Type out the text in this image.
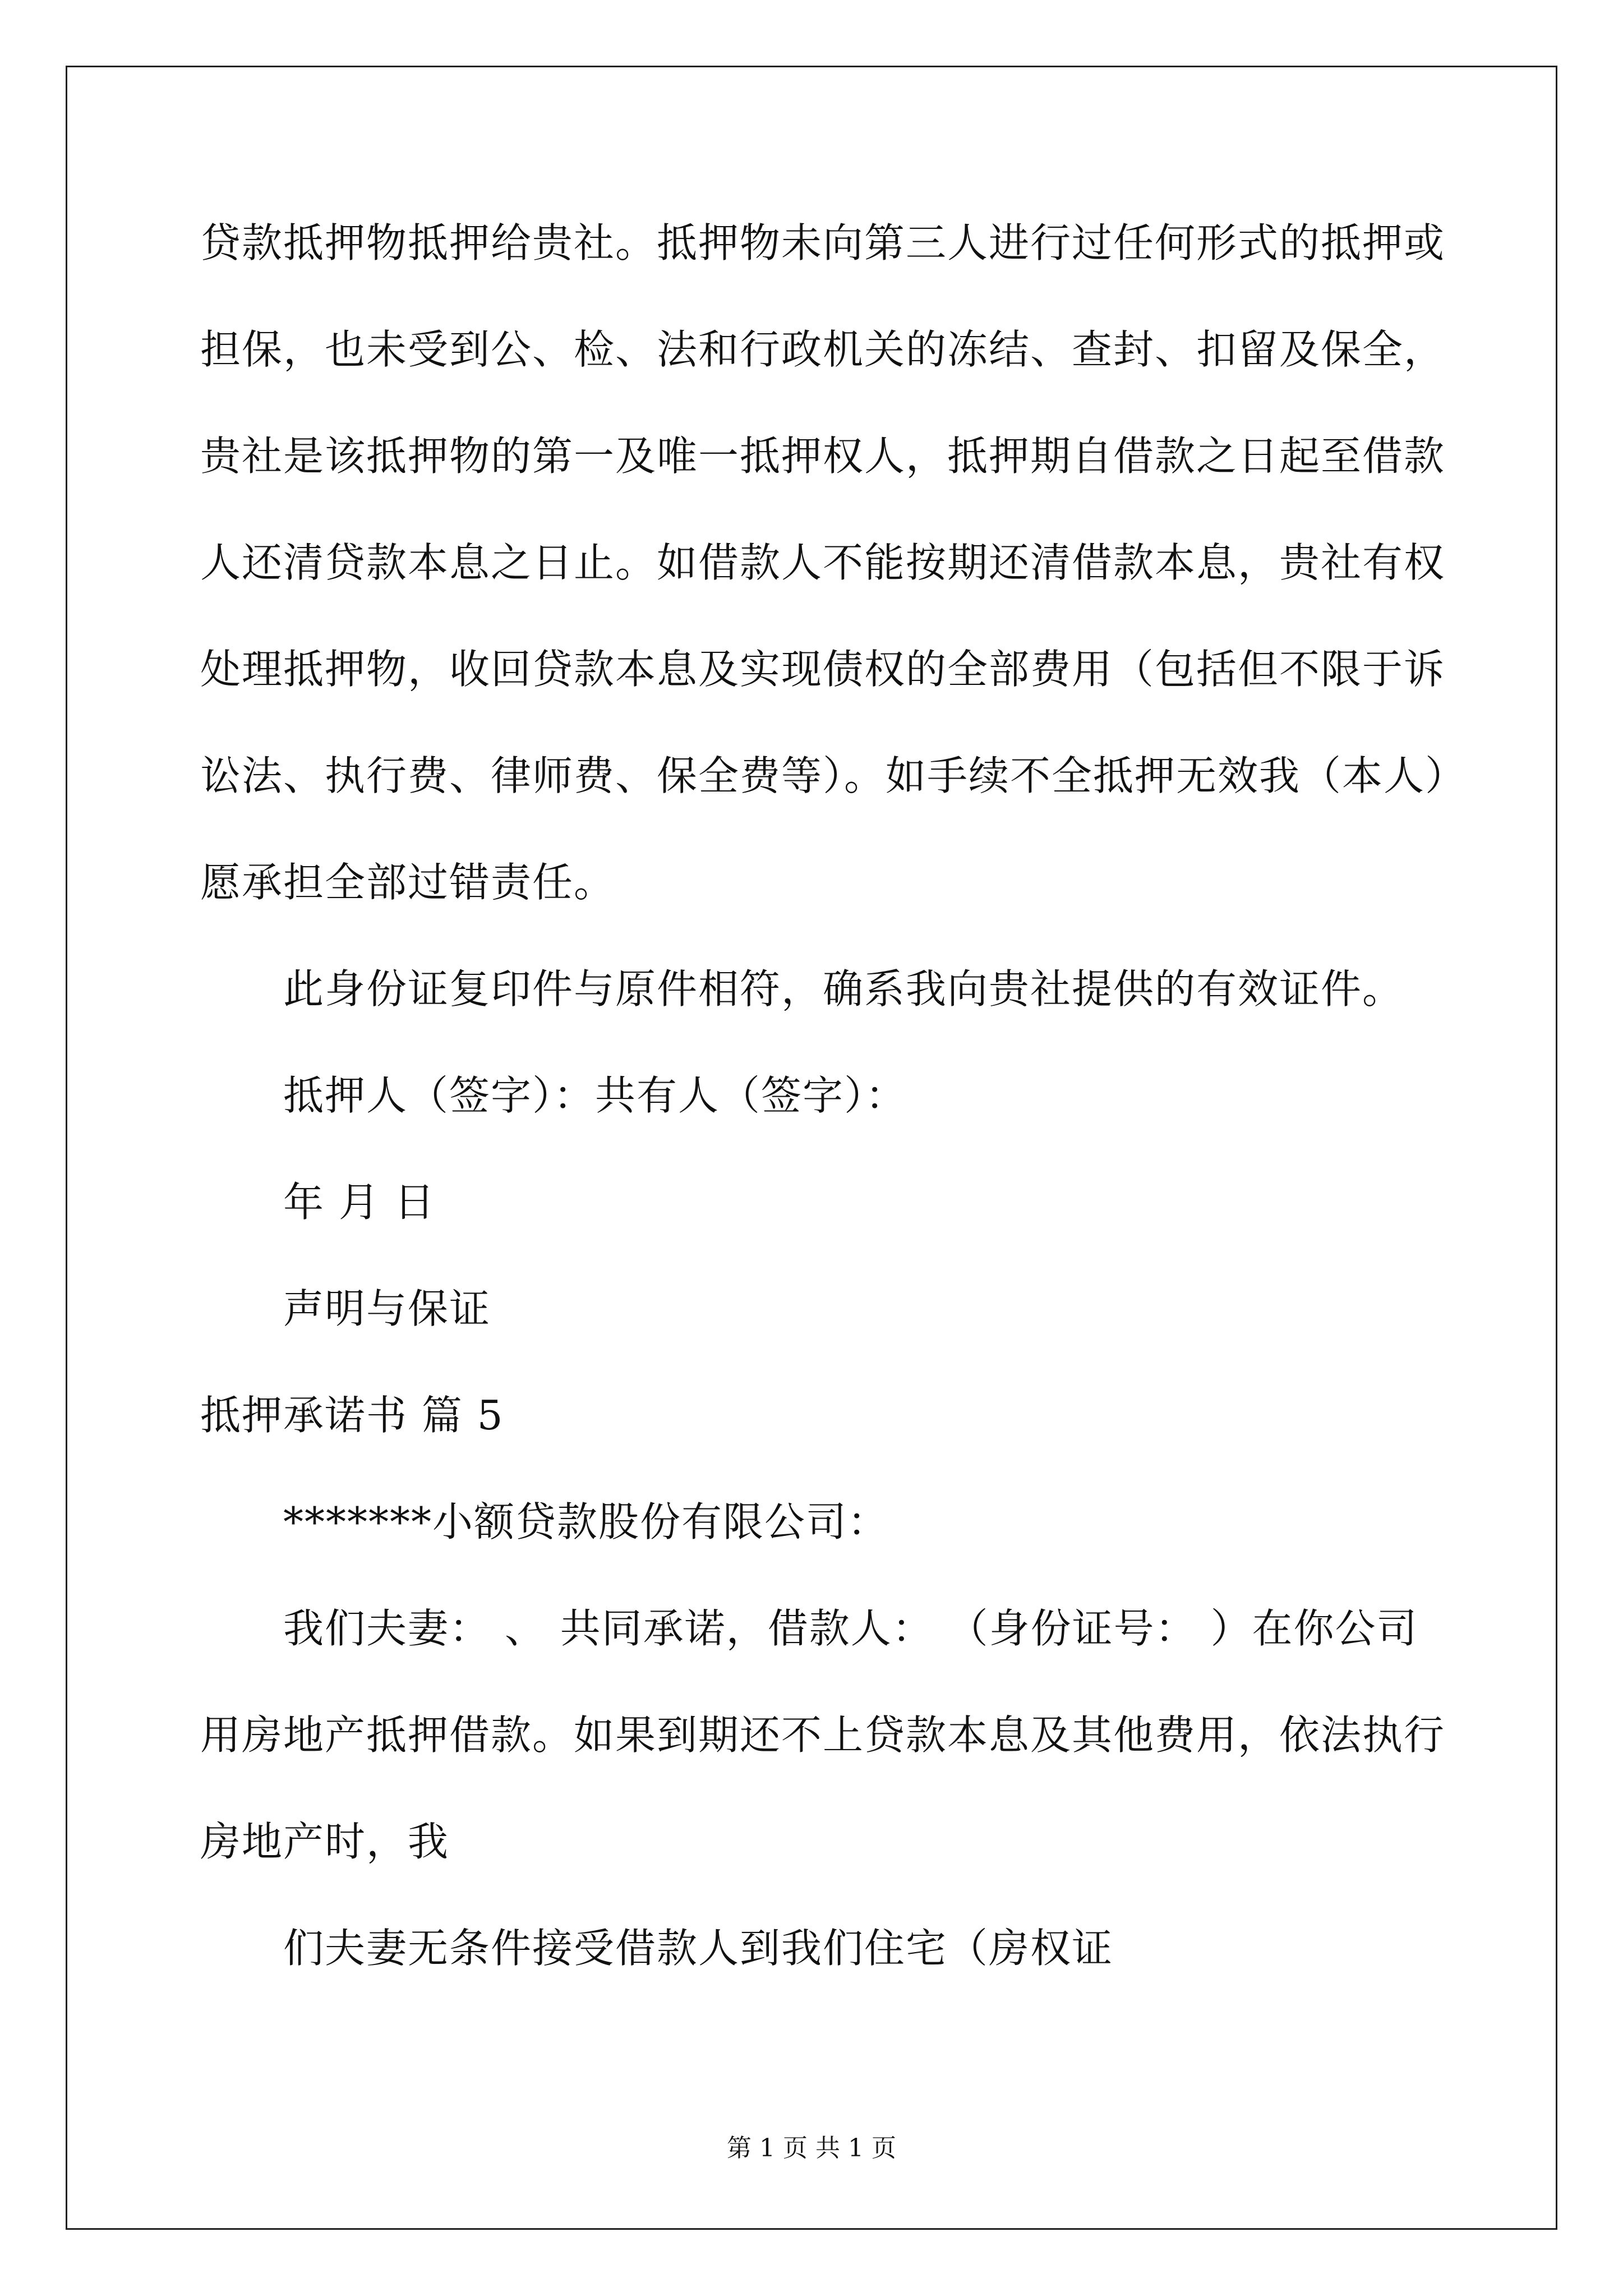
贷款抵押物抵押给贵社。抵押物未向第三人进行过任何形式的抵押或
担保，也未受到公、检、法和行政机关的冻结、查封、扣留及保全，
贵社是该抵押物的第一及唯一抵押权人，抵押期自借款之日起至借款
人还清贷款本息之日止。如借款人不能按期还清借款本息，贵社有权
处理抵押物，收回贷款本息及实现债权的全部费用（包括但不限于诉
讼法、执行费、律师费、保全费等）。如手续不全抵押无效我（本人）
愿承担全部过错责任。
此身份证复印件与原件相符，确系我向贵社提供的有效证件。
抵押人（签字）：共有人（签字）：
年 月 日
声明与保证
抵押承诺书 篇 5
*******小额贷款股份有限公司：
我们夫妻： 、 共同承诺，借款人： （身份证号： ）在你公司
用房地产抵押借款。如果到期还不上贷款本息及其他费用，依法执行
房地产时，我
们夫妻无条件接受借款人到我们住宅（房权证
第 1 页 共 1 页
